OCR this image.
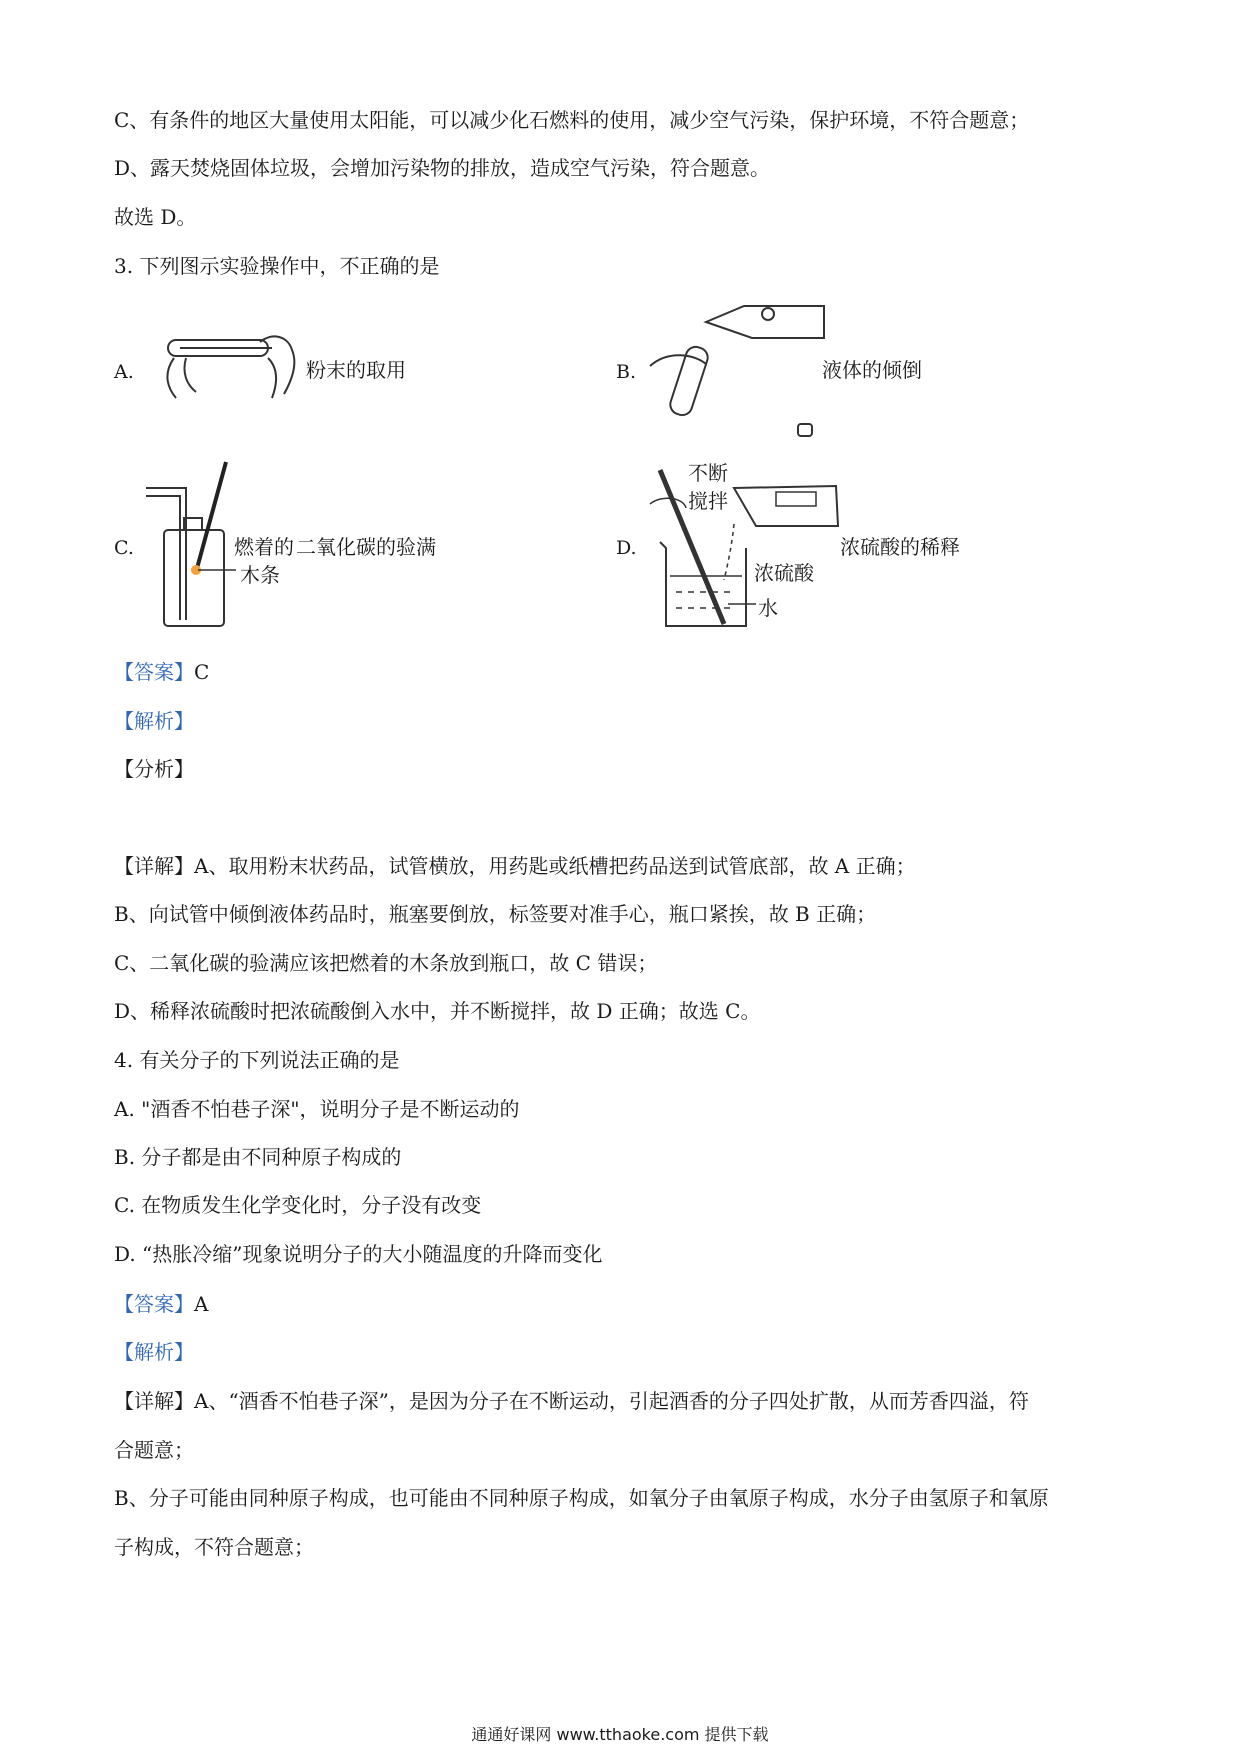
C、有条件的地区大量使用太阳能，可以减少化石燃料的使用，减少空气污染，保护环境，不符合题意；
D、露天焚烧固体垃圾，会增加污染物的排放，造成空气污染，符合题意。
故选 D。
3. 下列图示实验操作中，不正确的是
A.	粉末的取用	B.	液体的倾倒
C.	燃着的 二氧化碳的验满
木条
D.
不断
搅拌
浓硫酸
水
浓硫酸的稀释
【答案】C
【解析】
【分析】
【详解】A、取用粉末状药品，试管横放，用药匙或纸槽把药品送到试管底部，故 A 正确；
B、向试管中倾倒液体药品时，瓶塞要倒放，标签要对准手心，瓶口紧挨，故 B 正确；
C、二氧化碳的验满应该把燃着的木条放到瓶口，故 C 错误；
D、稀释浓硫酸时把浓硫酸倒入水中，并不断搅拌，故 D 正确；故选 C。
4. 有关分子的下列说法正确的是
A. "酒香不怕巷子深"，说明分子是不断运动的
B. 分子都是由不同种原子构成的
C. 在物质发生化学变化时，分子没有改变
D. “热胀冷缩”现象说明分子的大小随温度的升降而变化
【答案】A
【解析】
【详解】A、“酒香不怕巷子深”，是因为分子在不断运动，引起酒香的分子四处扩散，从而芳香四溢，符
合题意；
B、分子可能由同种原子构成，也可能由不同种原子构成，如氧分子由氧原子构成，水分子由氢原子和氧原
子构成，不符合题意；
通通好课网 www.tthaoke.com 提供下载
